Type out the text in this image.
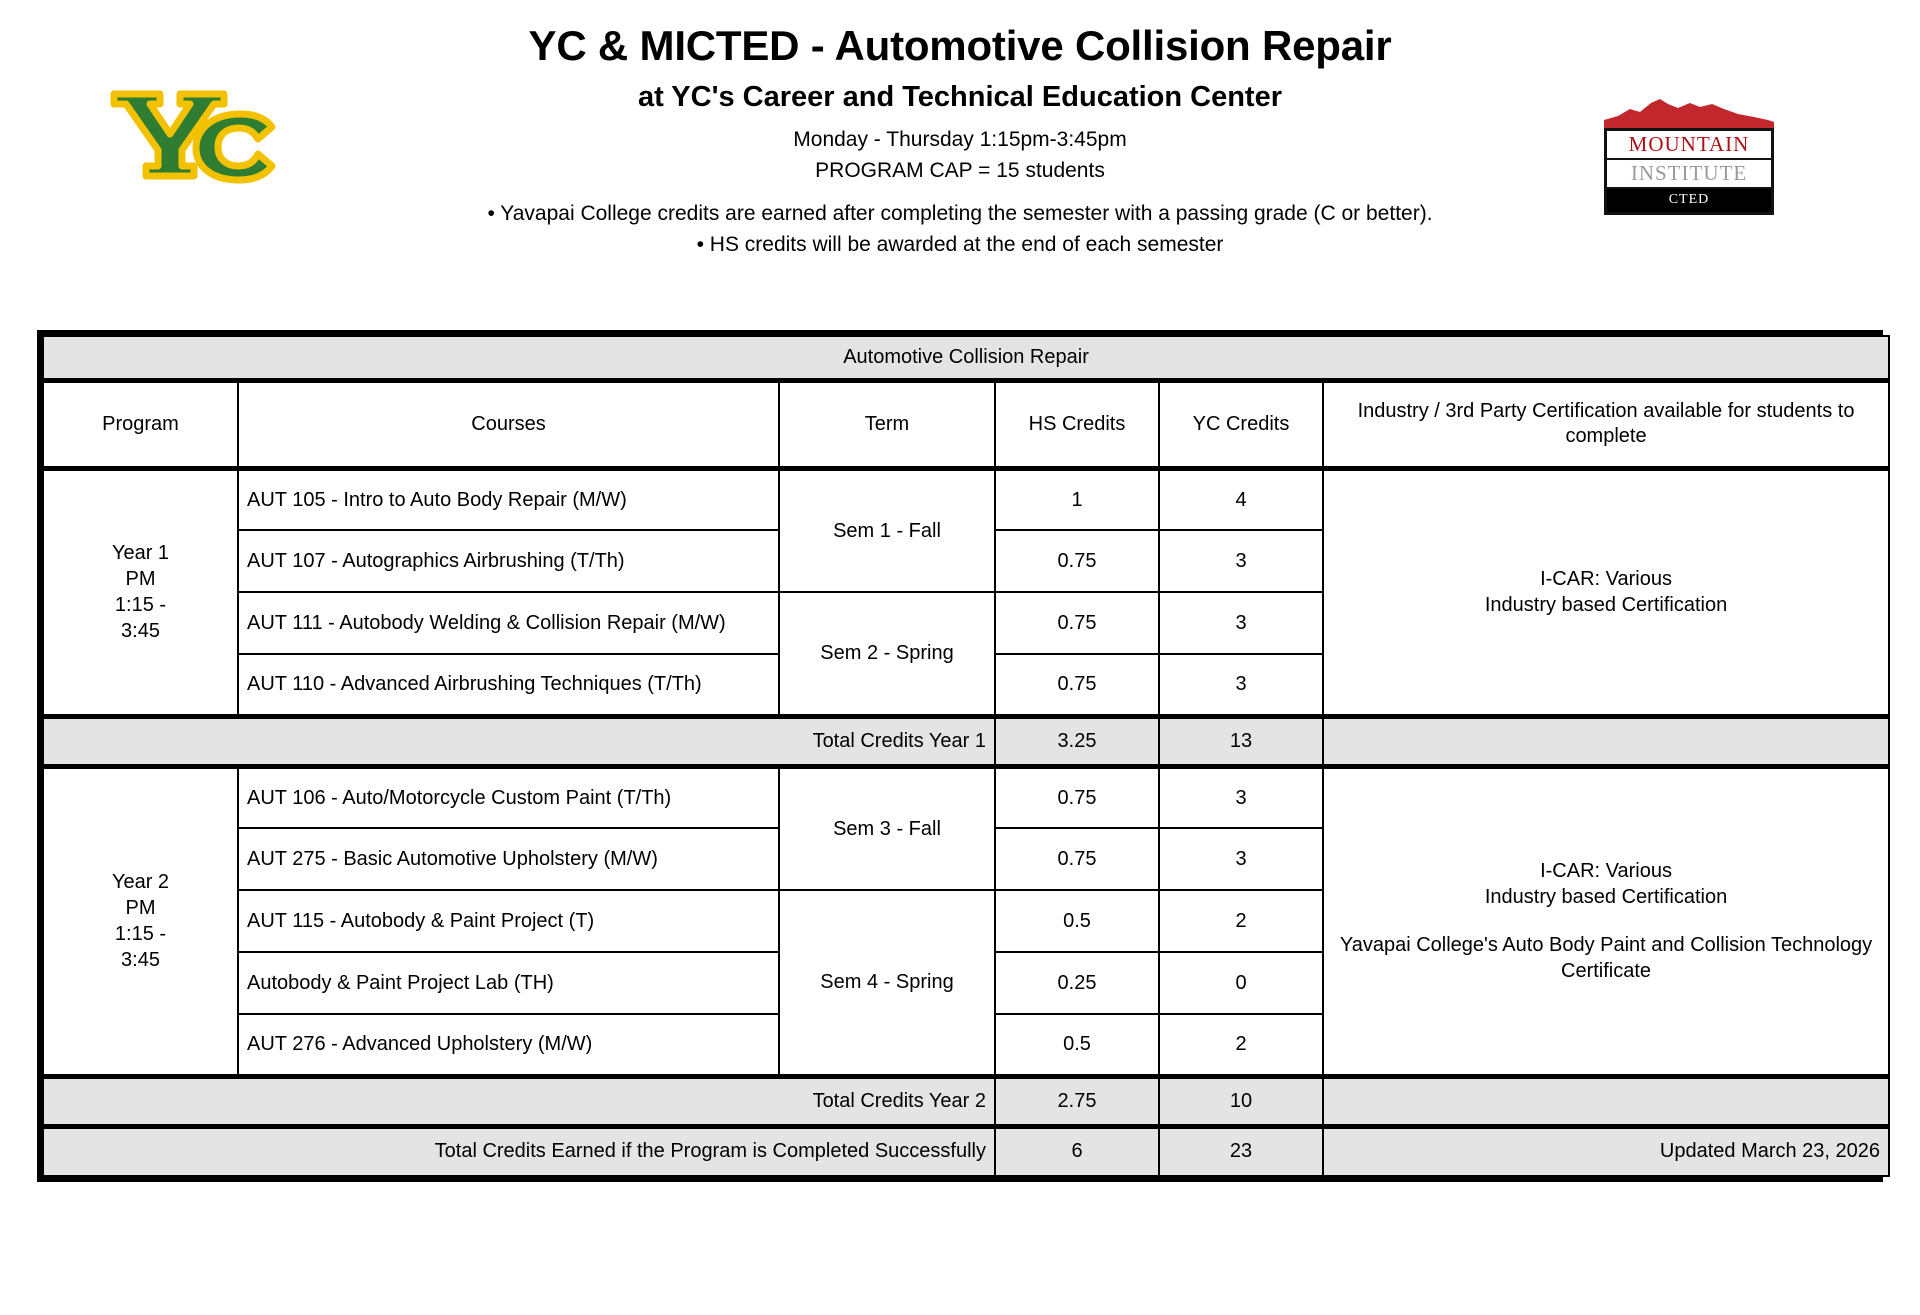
YC & MICTED - Automotive Collision Repair
at YC's Career and Technical Education Center
Monday - Thursday 1:15pm-3:45pm
PROGRAM CAP = 15 students
• Yavapai College credits are earned after completing the semester with a passing grade (C or better).
• HS credits will be awarded at the end of each semester
MOUNTAIN
INSTITUTE
CTED
Automotive Collision Repair					
Program	Courses	Term	HS Credits	YC Credits	Industry / 3rd Party Certification available for students to complete

Year 1
PM
1:15 -
3:45
	AUT 105 - Intro to Auto Body Repair (M/W)	Sem 1 - Fall	1	4	
I-CAR: Various
Industry based Certification

	AUT 107 - Autographics Airbrushing (T/Th)		0.75	3	
	AUT 111 - Autobody Welding & Collision Repair (M/W)	Sem 2 - Spring	0.75	3	
	AUT 110 - Advanced Airbrushing Techniques (T/Th)		0.75	3	
Total Credits Year 1			3.25	13	

Year 2
PM
1:15 -
3:45
	AUT 106 - Auto/Motorcycle Custom Paint (T/Th)	Sem 3 - Fall	0.75	3	
I-CAR: Various
Industry based Certification
Yavapai College's Auto Body Paint and Collision Technology Certificate

	AUT 275 - Basic Automotive Upholstery (M/W)		0.75	3	
	AUT 115 - Autobody & Paint Project (T)	Sem 4 - Spring	0.5	2	
	Autobody & Paint Project Lab (TH)		0.25	0	
	AUT 276 - Advanced Upholstery (M/W)		0.5	2	
Total Credits Year 2			2.75	10	
Total Credits Earned if the Program is Completed Successfully			6	23	Updated March 23, 2026
